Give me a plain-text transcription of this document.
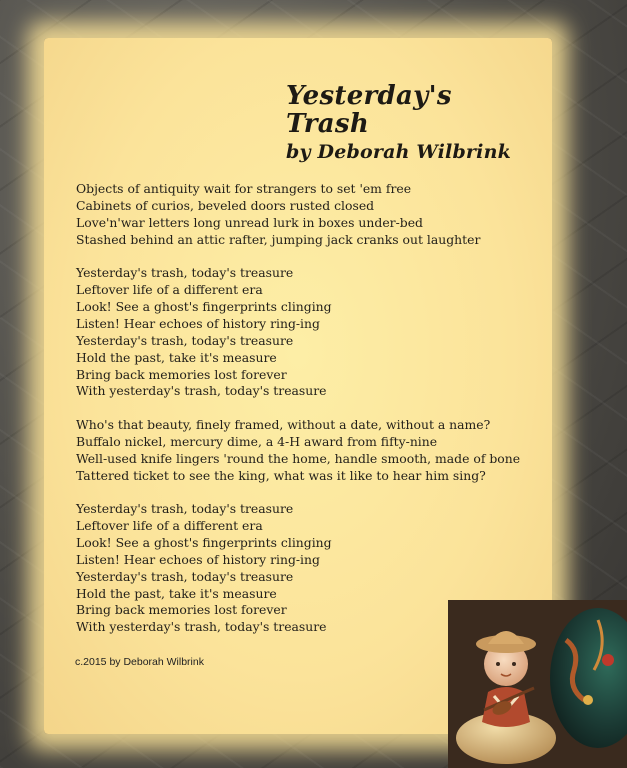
Yesterday's Trash
by Deborah Wilbrink
Objects of antiquity wait for strangers to set 'em free
Cabinets of curios, beveled doors rusted closed
Love'n'war letters long unread lurk in boxes under-bed
Stashed behind an attic rafter, jumping jack cranks out laughter
Yesterday's trash, today's treasure
Leftover life of a different era
Look! See a ghost's fingerprints clinging
Listen! Hear echoes of history ring-ing
Yesterday's trash, today's treasure
Hold the past, take it's measure
Bring back memories lost forever
With yesterday's trash, today's treasure
Who's that beauty, finely framed, without a date, without a name?
Buffalo nickel, mercury dime, a 4-H award from fifty-nine
Well-used knife lingers 'round the home, handle smooth, made of bone
Tattered ticket to see the king, what was it like to hear him sing?
Yesterday's trash, today's treasure
Leftover life of a different era
Look! See a ghost's fingerprints clinging
Listen! Hear echoes of history ring-ing
Yesterday's trash, today's treasure
Hold the past, take it's measure
Bring back memories lost forever
With yesterday's trash, today's treasure
c.2015 by Deborah Wilbrink
